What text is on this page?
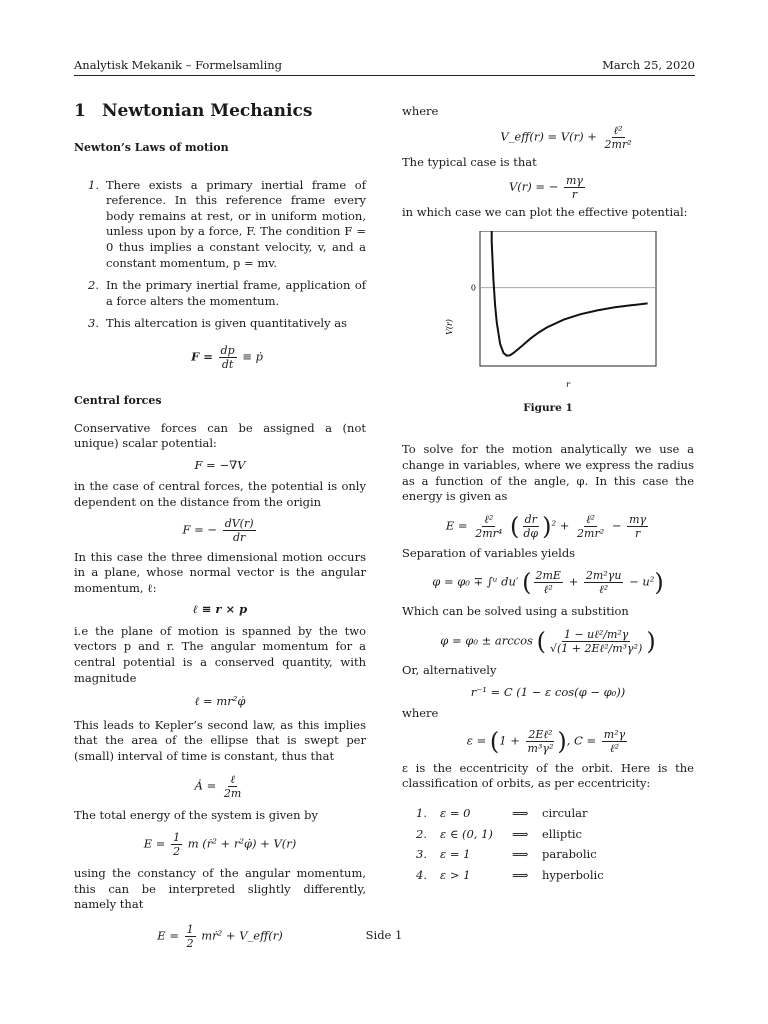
Analytisk Mekanik – Formelsamling	March 25, 2020
1 Newtonian Mechanics
Newton’s Laws of motion
1. There exists a primary inertial frame of reference. In this reference frame every body remains at rest, or in uniform motion, unless upon by a force, F. The condition F = 0 thus implies a constant velocity, v, and a constant momentum, p = mv.
2. In the primary inertial frame, application of a force alters the momentum.
3. This altercation is given quantitatively as
$F = \frac{dp}{dt}$ ≡ ṗ
Central forces

Conservative forces can be assigned a (not unique) scalar potential:

F = −∇V

in the case of central forces, the potential is only dependent on the distance from the origin

F = − $\frac{dV(r)}{dr}$

In this case the three dimensional motion occurs in a plane, whose normal vector is the angular momentum, ℓ:

ℓ ≡ r × p

i.e the plane of motion is spanned by the two vectors p and r. The angular momentum for a central potential is a conserved quantity, with magnitude

ℓ = mr²φ̇

This leads to Kepler’s second law, as this implies that the area of the ellipse that is swept per (small) interval of time is constant, thus that

Ȧ = $\frac{\text{ℓ}}{2m}$

The total energy of the system is given by

$E = \frac{1}{2}$ m (ṙ² + r²φ̇) + V(r)

using the constancy of the angular momentum, this can be interpreted slightly differently, namely that

$E = \frac{1}{2}$ mṙ² + V_eff(r)

where

V_eff(r) = $V(r) + \frac{\text{ℓ²}}{\text{2mr²}}$

The typical case is that

V(r) = − $\frac{m\gamma}{r}$

in which case we can plot the effective potential:

V(r)
0
r
Figure 1

To solve for the motion analytically we use a change in variables, where we express the radius as a function of the angle, φ. In this case the energy is given as

$E = \frac{\text{ℓ²}}{\text{2mr⁴}}$ ( $\frac{dr}{d\varphi} )^2 + \frac{\text{ℓ²}}{\text{2mr²}} - \frac{m\gamma}{r}$

Separation of variables yields

φ = φ₀ ∓ ∫ᵘ du′ ( $\frac{2mE}{\text{ℓ²}} + \frac{\text{2m²γu}}{\text{ℓ²}} - u^2$)

Which can be solved using a substition

φ = φ₀ ± arccos ( $\frac{\text{1 − uℓ²/m²γ}}{\text{√(1 + 2Eℓ²/m³γ²)}}$ )

Or, alternatively

r⁻¹ = C (1 − ε cos(φ − φ₀))

where

$\varepsilon = (1 + \frac{\text{2Eℓ²}}{\text{m³γ²}}$ ), $C = \frac{\text{m²γ}}{\text{ℓ²}}$

ε is the eccentricity of the orbit. Here is the classification of orbits, as per eccentricity:

1. ε = 0	⟹ circular
2. ε ∈ (0, 1) ⟹ elliptic
3. ε = 1	⟹ parabolic
4. ε > 1	⟹ hyperbolic
Side 1
